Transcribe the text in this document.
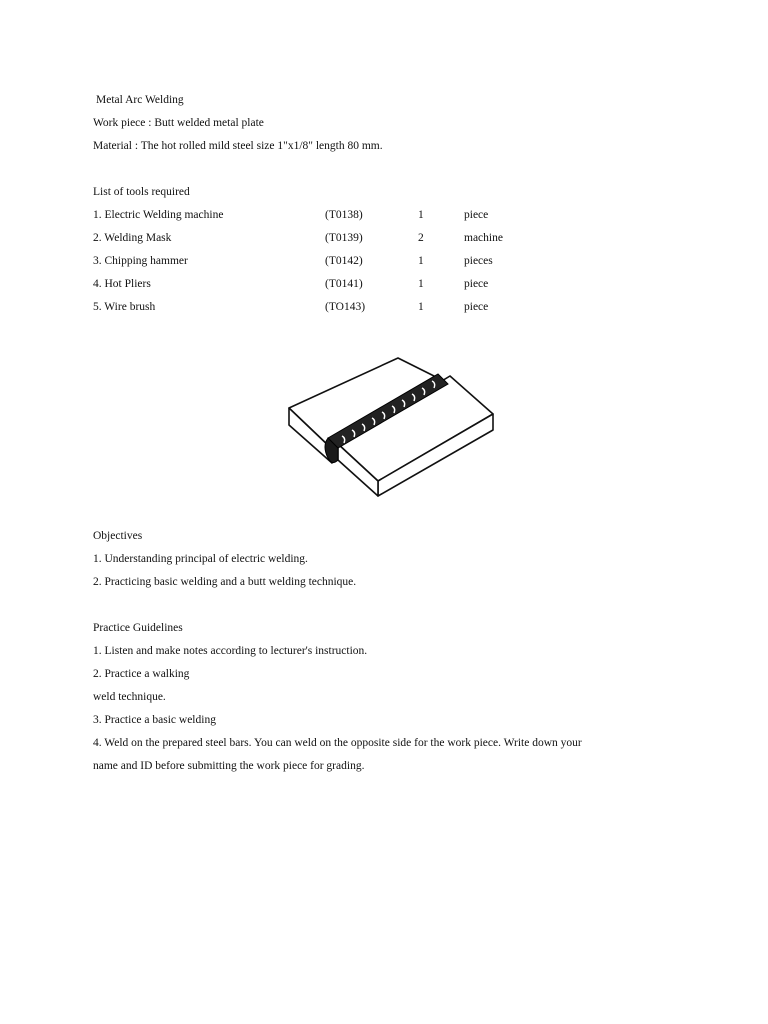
Metal Arc Welding
Work piece : Butt welded metal plate
Material : The hot rolled mild steel size 1"x1/8" length 80 mm.
List of tools required
1. Electric Welding machine	(T0138)	1	piece
2. Welding Mask	(T0139)	2	machine
3. Chipping hammer	(T0142)	1	pieces
4. Hot Pliers	(T0141)	1	piece
5. Wire brush	(TO143)	1	piece
Objectives
1. Understanding principal of electric welding.
2. Practicing basic welding and a butt welding technique.
Practice Guidelines
1. Listen and make notes according to lecturer's instruction.
2. Practice a walking
weld technique.
3. Practice a basic welding
4. Weld on the prepared steel bars. You can weld on the opposite side for the work piece. Write down your
name and ID before submitting the work piece for grading.
